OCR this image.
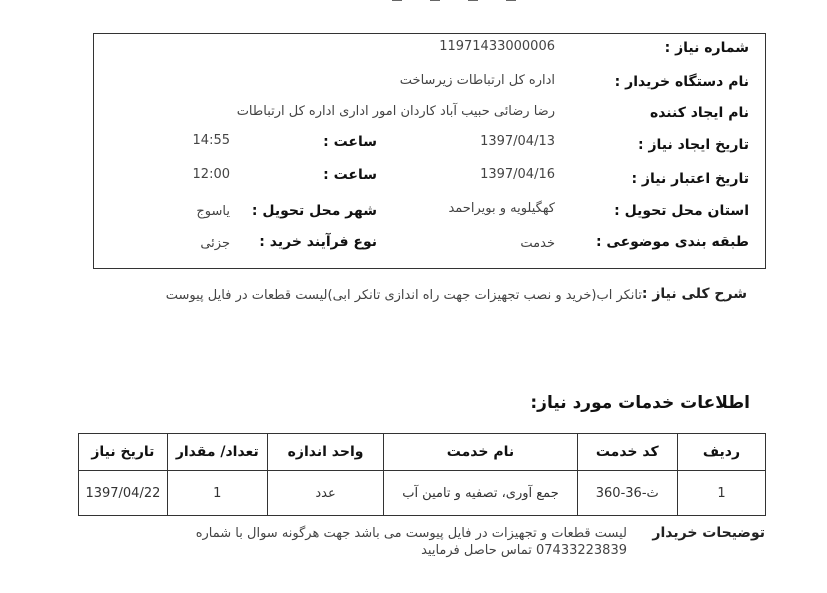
شماره نیاز :
11971433000006
نام دستگاه خریدار :
اداره کل ارتباطات زیرساخت
نام ایجاد کننده
رضا رضائی حبیب آباد کاردان امور اداری اداره کل ارتباطات
تاریخ ایجاد نیاز :
1397/04/13
ساعت :
14:55
تاریخ اعتبار نیاز :
1397/04/16
ساعت :
12:00
استان محل تحویل :
کهگیلویه و بویراحمد
شهر محل تحویل :
یاسوج
طبقه بندی موضوعی :
خدمت
نوع فرآیند خرید :
جزئی
شرح کلی نیاز :
تانکر اب(خرید و نصب تجهیزات جهت راه اندازی تانکر ابی)لیست قطعات در فایل پیوست
اطلاعات خدمات مورد نیاز:
ردیف	کد خدمت	نام خدمت	واحد اندازه	تعداد/ مقدار	تاریخ نیاز
1	ث-36-360	جمع آوری، تصفیه و تامین آب	عدد	1	1397/04/22
توضیحات خریدار
لیست قطعات و تجهیزات در فایل پیوست می باشد جهت هرگونه سوال با شماره
07433223839 تماس حاصل فرمایید
